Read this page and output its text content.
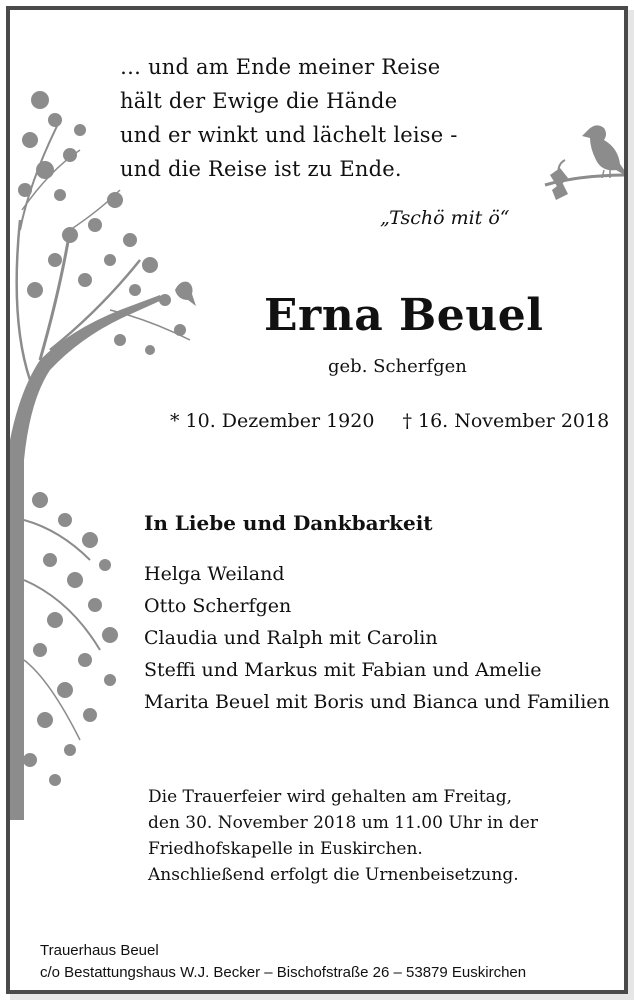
… und am Ende meiner Reise
hält der Ewige die Hände
und er winkt und lächelt leise -
und die Reise ist zu Ende.
„Tschö mit ö“
Erna Beuel
geb. Scherfgen
* 10. Dezember 1920 † 16. November 2018
In Liebe und Dankbarkeit
Helga Weiland
Otto Scherfgen
Claudia und Ralph mit Carolin
Steffi und Markus mit Fabian und Amelie
Marita Beuel mit Boris und Bianca und Familien
Die Trauerfeier wird gehalten am Freitag,
den 30. November 2018 um 11.00 Uhr in der
Friedhofskapelle in Euskirchen.
Anschließend erfolgt die Urnenbeisetzung.
Trauerhaus Beuel
c/o Bestattungshaus W.J. Becker – Bischofstraße 26 – 53879 Euskirchen
